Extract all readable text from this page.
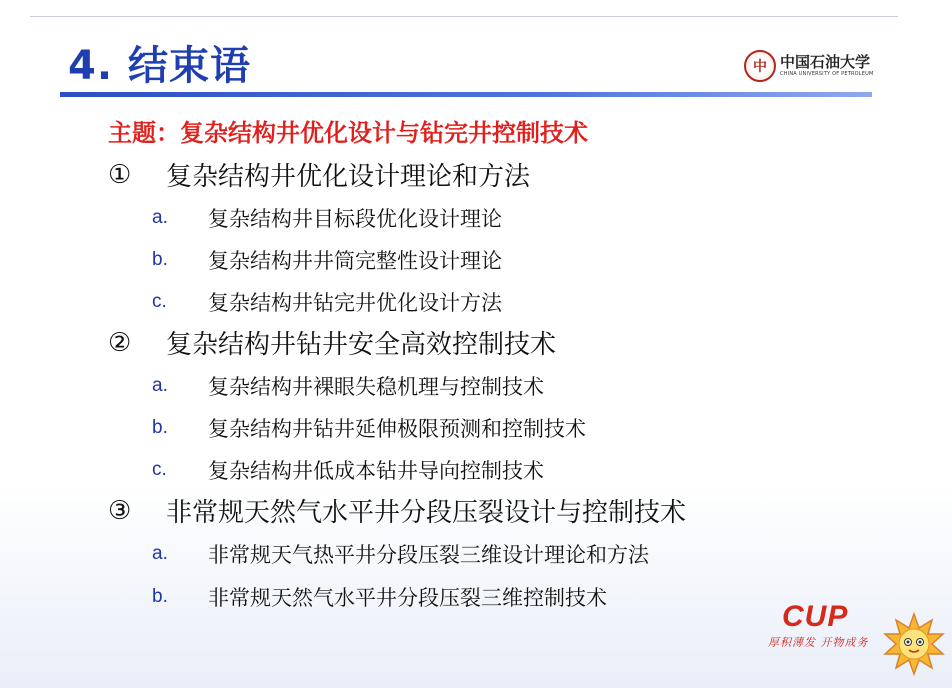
4. 结束语	中 中国石油大学
CHINA UNIVERSITY OF PETROLEUM
主题：复杂结构井优化设计与钻完井控制技术
①	复杂结构井优化设计理论和方法
a.	复杂结构井目标段优化设计理论
b.	复杂结构井井筒完整性设计理论
c.	复杂结构井钻完井优化设计方法
②	复杂结构井钻井安全高效控制技术
a.	复杂结构井裸眼失稳机理与控制技术
b.	复杂结构井钻井延伸极限预测和控制技术
c.	复杂结构井低成本钻井导向控制技术
③	非常规天然气水平井分段压裂设计与控制技术
a.	非常规天气热平井分段压裂三维设计理论和方法
b.	非常规天然气水平井分段压裂三维控制技术
CUP
厚积薄发 开物成务
